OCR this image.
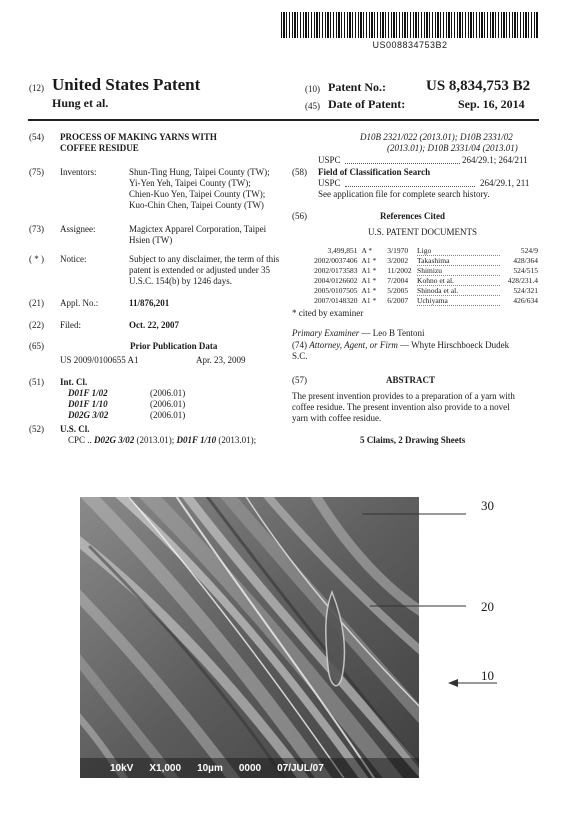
US008834753B2
(12) United States Patent
Hung et al.
(10) Patent No.:	US 8,834,753 B2
(45) Date of Patent:	Sep. 16, 2014
(54) PROCESS OF MAKING YARNS WITH
COFFEE RESIDUE
(75) Inventors:	Shun-Ting Hung, Taipei County (TW);
Yi-Yen Yeh, Taipei County (TW);
Chien-Kuo Yen, Taipei County (TW);
Kuo-Chin Chen, Taipei County (TW)
(73) Assignee:	Magictex Apparel Corporation, Taipei
Hsien (TW)
( * ) Notice:	Subject to any disclaimer, the term of this
patent is extended or adjusted under 35
U.S.C. 154(b) by 1246 days.
(21) Appl. No.:	11/876,201
(22) Filed:	Oct. 22, 2007
(65)	Prior Publication Data
US 2009/0100655 A1	Apr. 23, 2009
(51) Int. Cl.
D01F 1/02	(2006.01)
D01F 1/10	(2006.01)
D02G 3/02	(2006.01)
(52) U.S. Cl.
CPC .. D02G 3/02 (2013.01); D01F 1/10 (2013.01);
D10B 2321/022 (2013.01); D10B 2331/02
(2013.01); D10B 2331/04 (2013.01)
USPC	264/29.1; 264/211
(58) Field of Classification Search
USPC	264/29.1, 211
See application file for complete search history.
(56)	References Cited
U.S. PATENT DOCUMENTS
3,499,851 A *	3/1970	Ligo	524/9
2002/0037406 A1 *	3/2002	Takashima	428/364
2002/0173583 A1 *	11/2002 Shimizu	524/515
2004/0126602 A1 *	7/2004	Kohno et al.	428/231.4
2005/0107505 A1 *	5/2005	Shinoda et al.	524/321
2007/0148320 A1 *	6/2007	Uchiyama	426/634
* cited by examiner
Primary Examiner — Leo B Tentoni
(74) Attorney, Agent, or Firm — Whyte Hirschboeck Dudek
S.C.
(57)	ABSTRACT
The present invention provides to a preparation of a yarn with
coffee residue. The present invention also provide to a novel
yarn with coffee residue.
5 Claims, 2 Drawing Sheets
10kV X1,000 10µm 0000 07/JUL/07
30
20
10
